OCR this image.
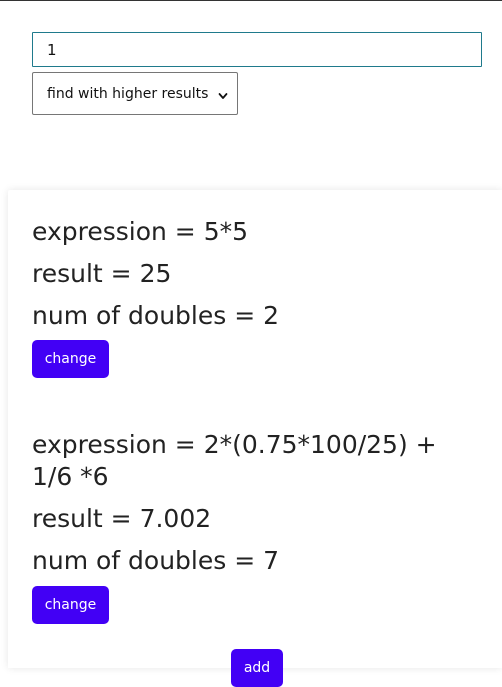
1
find with higher results

expression = 5*5

result = 25

num of doubles = 2

change

expression = 2*(0.75*100/25) + 1/6 *6

result = 7.002

num of doubles = 7

change
add
